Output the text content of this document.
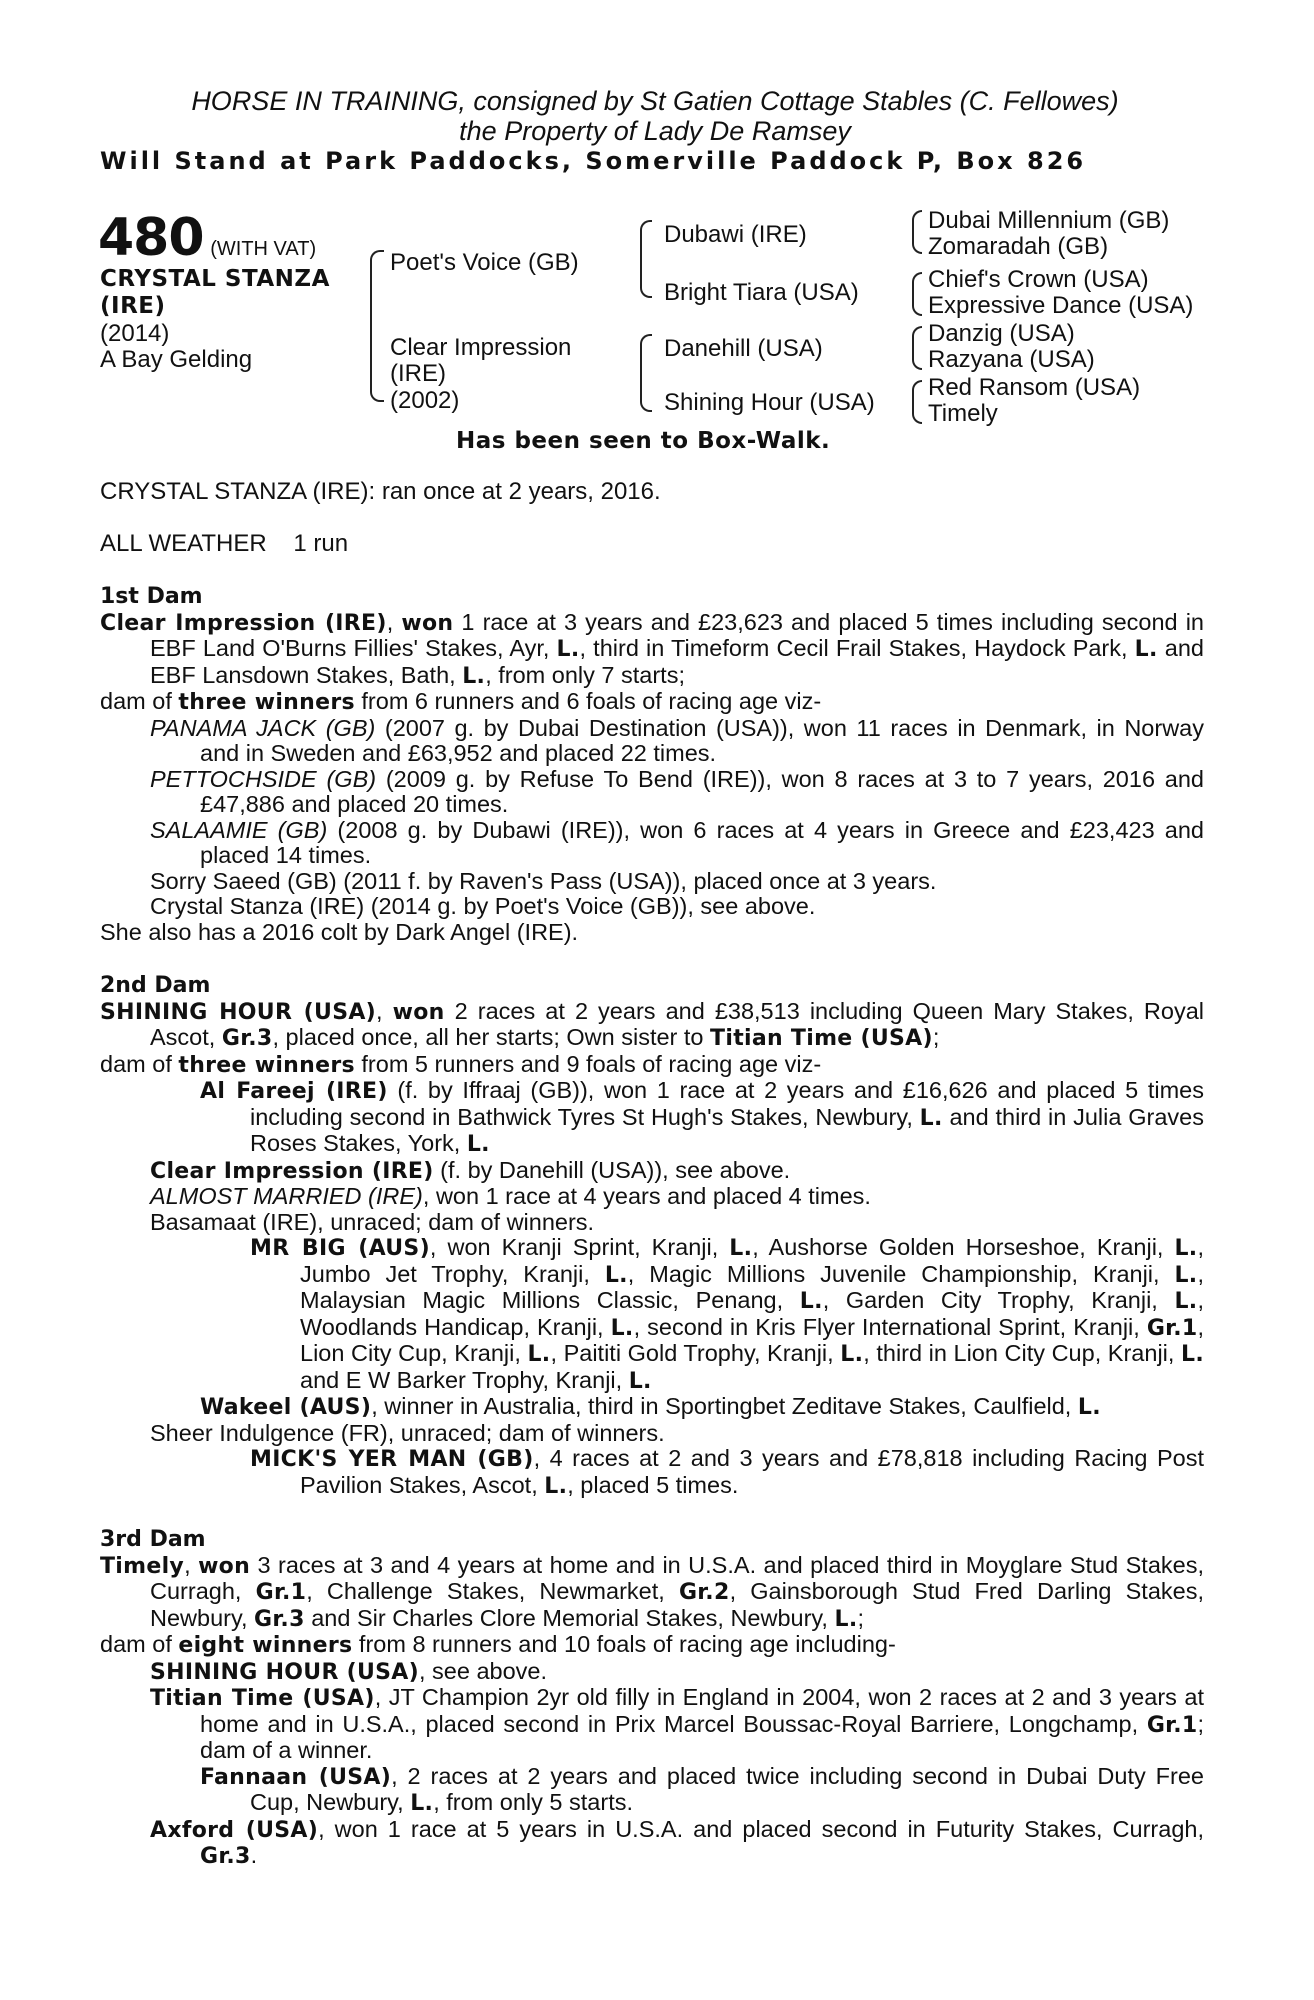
HORSE IN TRAINING, consigned by St Gatien Cottage Stables (C. Fellowes)
the Property of Lady De Ramsey
Will Stand at Park Paddocks, Somerville Paddock P, Box 826
480 (WITH VAT)
CRYSTAL STANZA
(IRE)
(2014)
A Bay Gelding
Poet's Voice (GB)
Clear Impression
(IRE)
(2002)
Dubawi (IRE)
Bright Tiara (USA)
Danehill (USA)
Shining Hour (USA)
Dubai Millennium (GB)
Zomaradah (GB)
Chief's Crown (USA)
Expressive Dance (USA)
Danzig (USA)
Razyana (USA)
Red Ransom (USA)
Timely
Has been seen to Box-Walk.
CRYSTAL STANZA (IRE): ran once at 2 years, 2016.
ALL WEATHER 1 run

1st Dam

Clear Impression (IRE), won 1 race at 3 years and £23,623 and placed 5 times including second in EBF Land O'Burns Fillies' Stakes, Ayr, L., third in Timeform Cecil Frail Stakes, Haydock Park, L. and EBF Lansdown Stakes, Bath, L., from only 7 starts;

dam of three winners from 6 runners and 6 foals of racing age viz-

PANAMA JACK (GB) (2007 g. by Dubai Destination (USA)), won 11 races in Denmark, in Norway and in Sweden and £63,952 and placed 22 times.

PETTOCHSIDE (GB) (2009 g. by Refuse To Bend (IRE)), won 8 races at 3 to 7 years, 2016 and £47,886 and placed 20 times.

SALAAMIE (GB) (2008 g. by Dubawi (IRE)), won 6 races at 4 years in Greece and £23,423 and placed 14 times.

Sorry Saeed (GB) (2011 f. by Raven's Pass (USA)), placed once at 3 years.

Crystal Stanza (IRE) (2014 g. by Poet's Voice (GB)), see above.

She also has a 2016 colt by Dark Angel (IRE).

2nd Dam

SHINING HOUR (USA), won 2 races at 2 years and £38,513 including Queen Mary Stakes, Royal Ascot, Gr.3, placed once, all her starts; Own sister to Titian Time (USA);

dam of three winners from 5 runners and 9 foals of racing age viz-

Al Fareej (IRE) (f. by Iffraaj (GB)), won 1 race at 2 years and £16,626 and placed 5 times including second in Bathwick Tyres St Hugh's Stakes, Newbury, L. and third in Julia Graves Roses Stakes, York, L.

Clear Impression (IRE) (f. by Danehill (USA)), see above.

ALMOST MARRIED (IRE), won 1 race at 4 years and placed 4 times.

Basamaat (IRE), unraced; dam of winners.

MR BIG (AUS), won Kranji Sprint, Kranji, L., Aushorse Golden Horseshoe, Kranji, L., Jumbo Jet Trophy, Kranji, L., Magic Millions Juvenile Championship, Kranji, L., Malaysian Magic Millions Classic, Penang, L., Garden City Trophy, Kranji, L., Woodlands Handicap, Kranji, L., second in Kris Flyer International Sprint, Kranji, Gr.1, Lion City Cup, Kranji, L., Paititi Gold Trophy, Kranji, L., third in Lion City Cup, Kranji, L. and E W Barker Trophy, Kranji, L.

Wakeel (AUS), winner in Australia, third in Sportingbet Zeditave Stakes, Caulfield, L.

Sheer Indulgence (FR), unraced; dam of winners.

MICK'S YER MAN (GB), 4 races at 2 and 3 years and £78,818 including Racing Post Pavilion Stakes, Ascot, L., placed 5 times.

3rd Dam

Timely, won 3 races at 3 and 4 years at home and in U.S.A. and placed third in Moyglare Stud Stakes, Curragh, Gr.1, Challenge Stakes, Newmarket, Gr.2, Gainsborough Stud Fred Darling Stakes, Newbury, Gr.3 and Sir Charles Clore Memorial Stakes, Newbury, L.;

dam of eight winners from 8 runners and 10 foals of racing age including-

SHINING HOUR (USA), see above.

Titian Time (USA), JT Champion 2yr old filly in England in 2004, won 2 races at 2 and 3 years at home and in U.S.A., placed second in Prix Marcel Boussac-Royal Barriere, Longchamp, Gr.1; dam of a winner.

Fannaan (USA), 2 races at 2 years and placed twice including second in Dubai Duty Free Cup, Newbury, L., from only 5 starts.

Axford (USA), won 1 race at 5 years in U.S.A. and placed second in Futurity Stakes, Curragh, Gr.3.
